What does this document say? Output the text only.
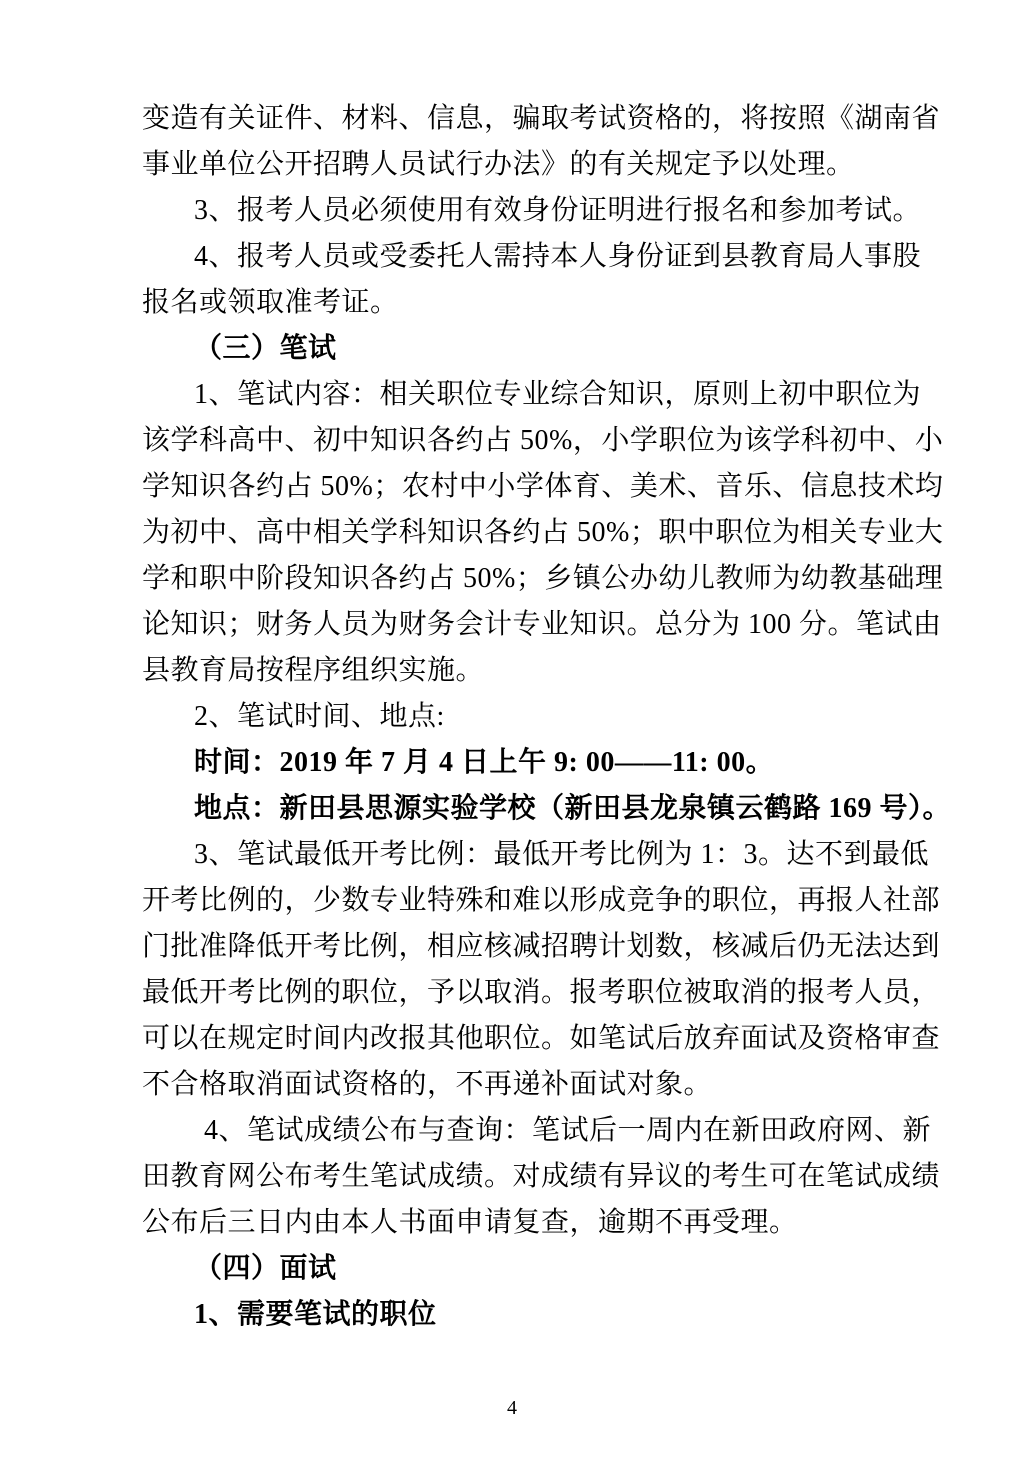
变造有关证件、材料、信息，骗取考试资格的，将按照《湖南省
事业单位公开招聘人员试行办法》的有关规定予以处理。
3、报考人员必须使用有效身份证明进行报名和参加考试。
4、报考人员或受委托人需持本人身份证到县教育局人事股
报名或领取准考证。
（三）笔试
1、笔试内容：相关职位专业综合知识，原则上初中职位为
该学科高中、初中知识各约占 50%，小学职位为该学科初中、小
学知识各约占 50%；农村中小学体育、美术、音乐、信息技术均
为初中、高中相关学科知识各约占 50%；职中职位为相关专业大
学和职中阶段知识各约占 50%；乡镇公办幼儿教师为幼教基础理
论知识；财务人员为财务会计专业知识。总分为 100 分。笔试由
县教育局按程序组织实施。
2、笔试时间、地点:
时间：2019 年 7 月 4 日上午 9: 00——11: 00。
地点：新田县思源实验学校（新田县龙泉镇云鹤路 169 号）。
3、笔试最低开考比例：最低开考比例为 1：3。达不到最低
开考比例的，少数专业特殊和难以形成竞争的职位，再报人社部
门批准降低开考比例，相应核减招聘计划数，核减后仍无法达到
最低开考比例的职位，予以取消。报考职位被取消的报考人员，
可以在规定时间内改报其他职位。如笔试后放弃面试及资格审查
不合格取消面试资格的，不再递补面试对象。
4、笔试成绩公布与查询：笔试后一周内在新田政府网、新
田教育网公布考生笔试成绩。对成绩有异议的考生可在笔试成绩
公布后三日内由本人书面申请复查，逾期不再受理。
（四）面试
1、需要笔试的职位
4
